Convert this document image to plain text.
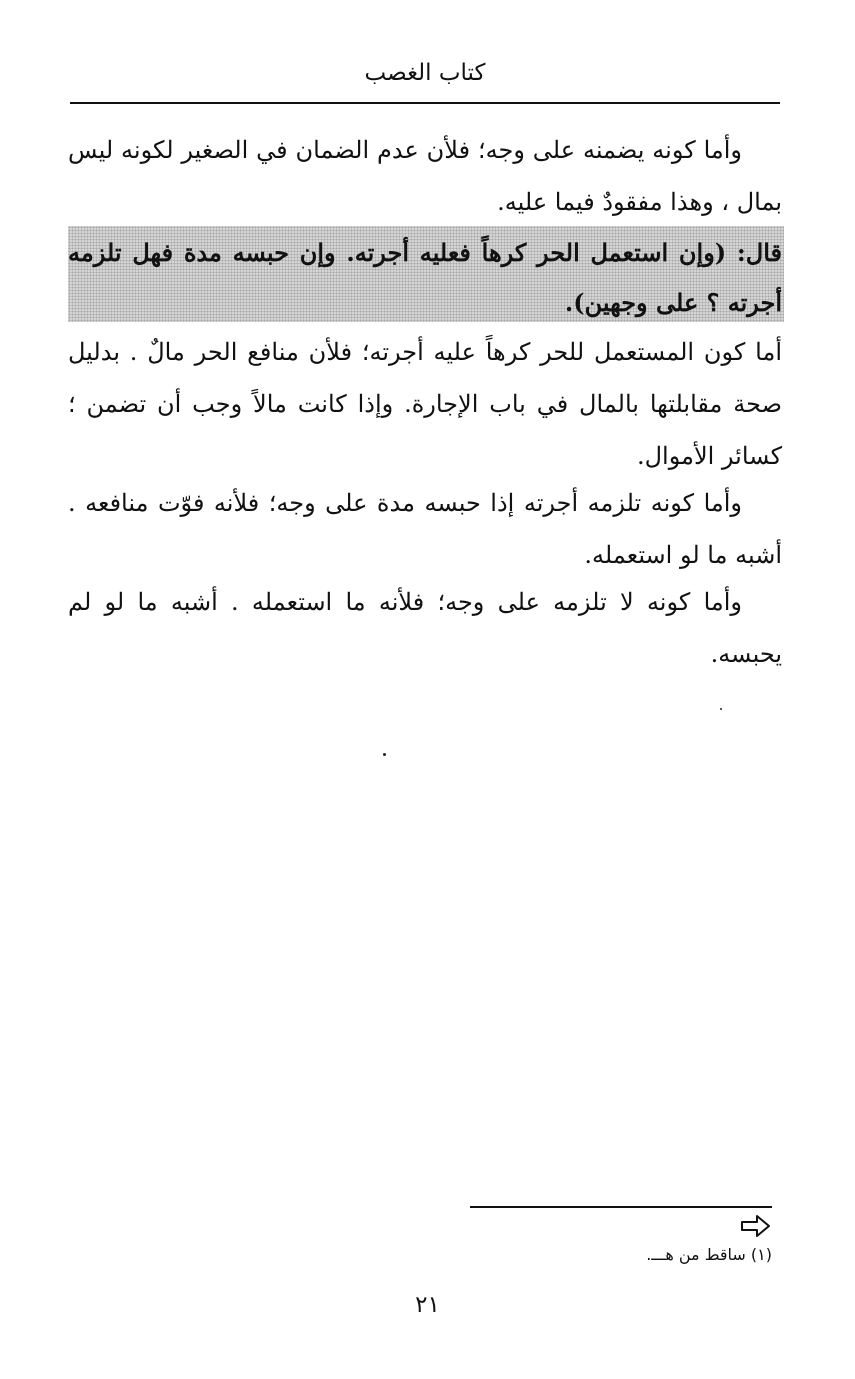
كتاب الغصب

وأما كونه يضمنه على وجه؛ فلأن عدم الضمان في الصغير لكونه ليس بمال ، وهذا مفقودٌ فيما عليه.

قال: (وإن استعمل الحر كرهاً فعليه أجرته. وإن حبسه مدة فهل تلزمه أجرته ؟ على وجهين).

أما كون المستعمل للحر كرهاً عليه أجرته؛ فلأن منافع الحر مالٌ . بدليل صحة مقابلتها بالمال في باب الإجارة. وإذا كانت مالاً وجب أن تضمن ؛ كسائر الأموال.

وأما كونه تلزمه أجرته إذا حبسه مدة على وجه؛ فلأنه فوّت منافعه . أشبه ما لو استعمله.

وأما كونه لا تلزمه على وجه؛ فلأنه ما استعمله . أشبه ما لو لم يحبسه.

(١) ساقط من هـــ.
٢١
